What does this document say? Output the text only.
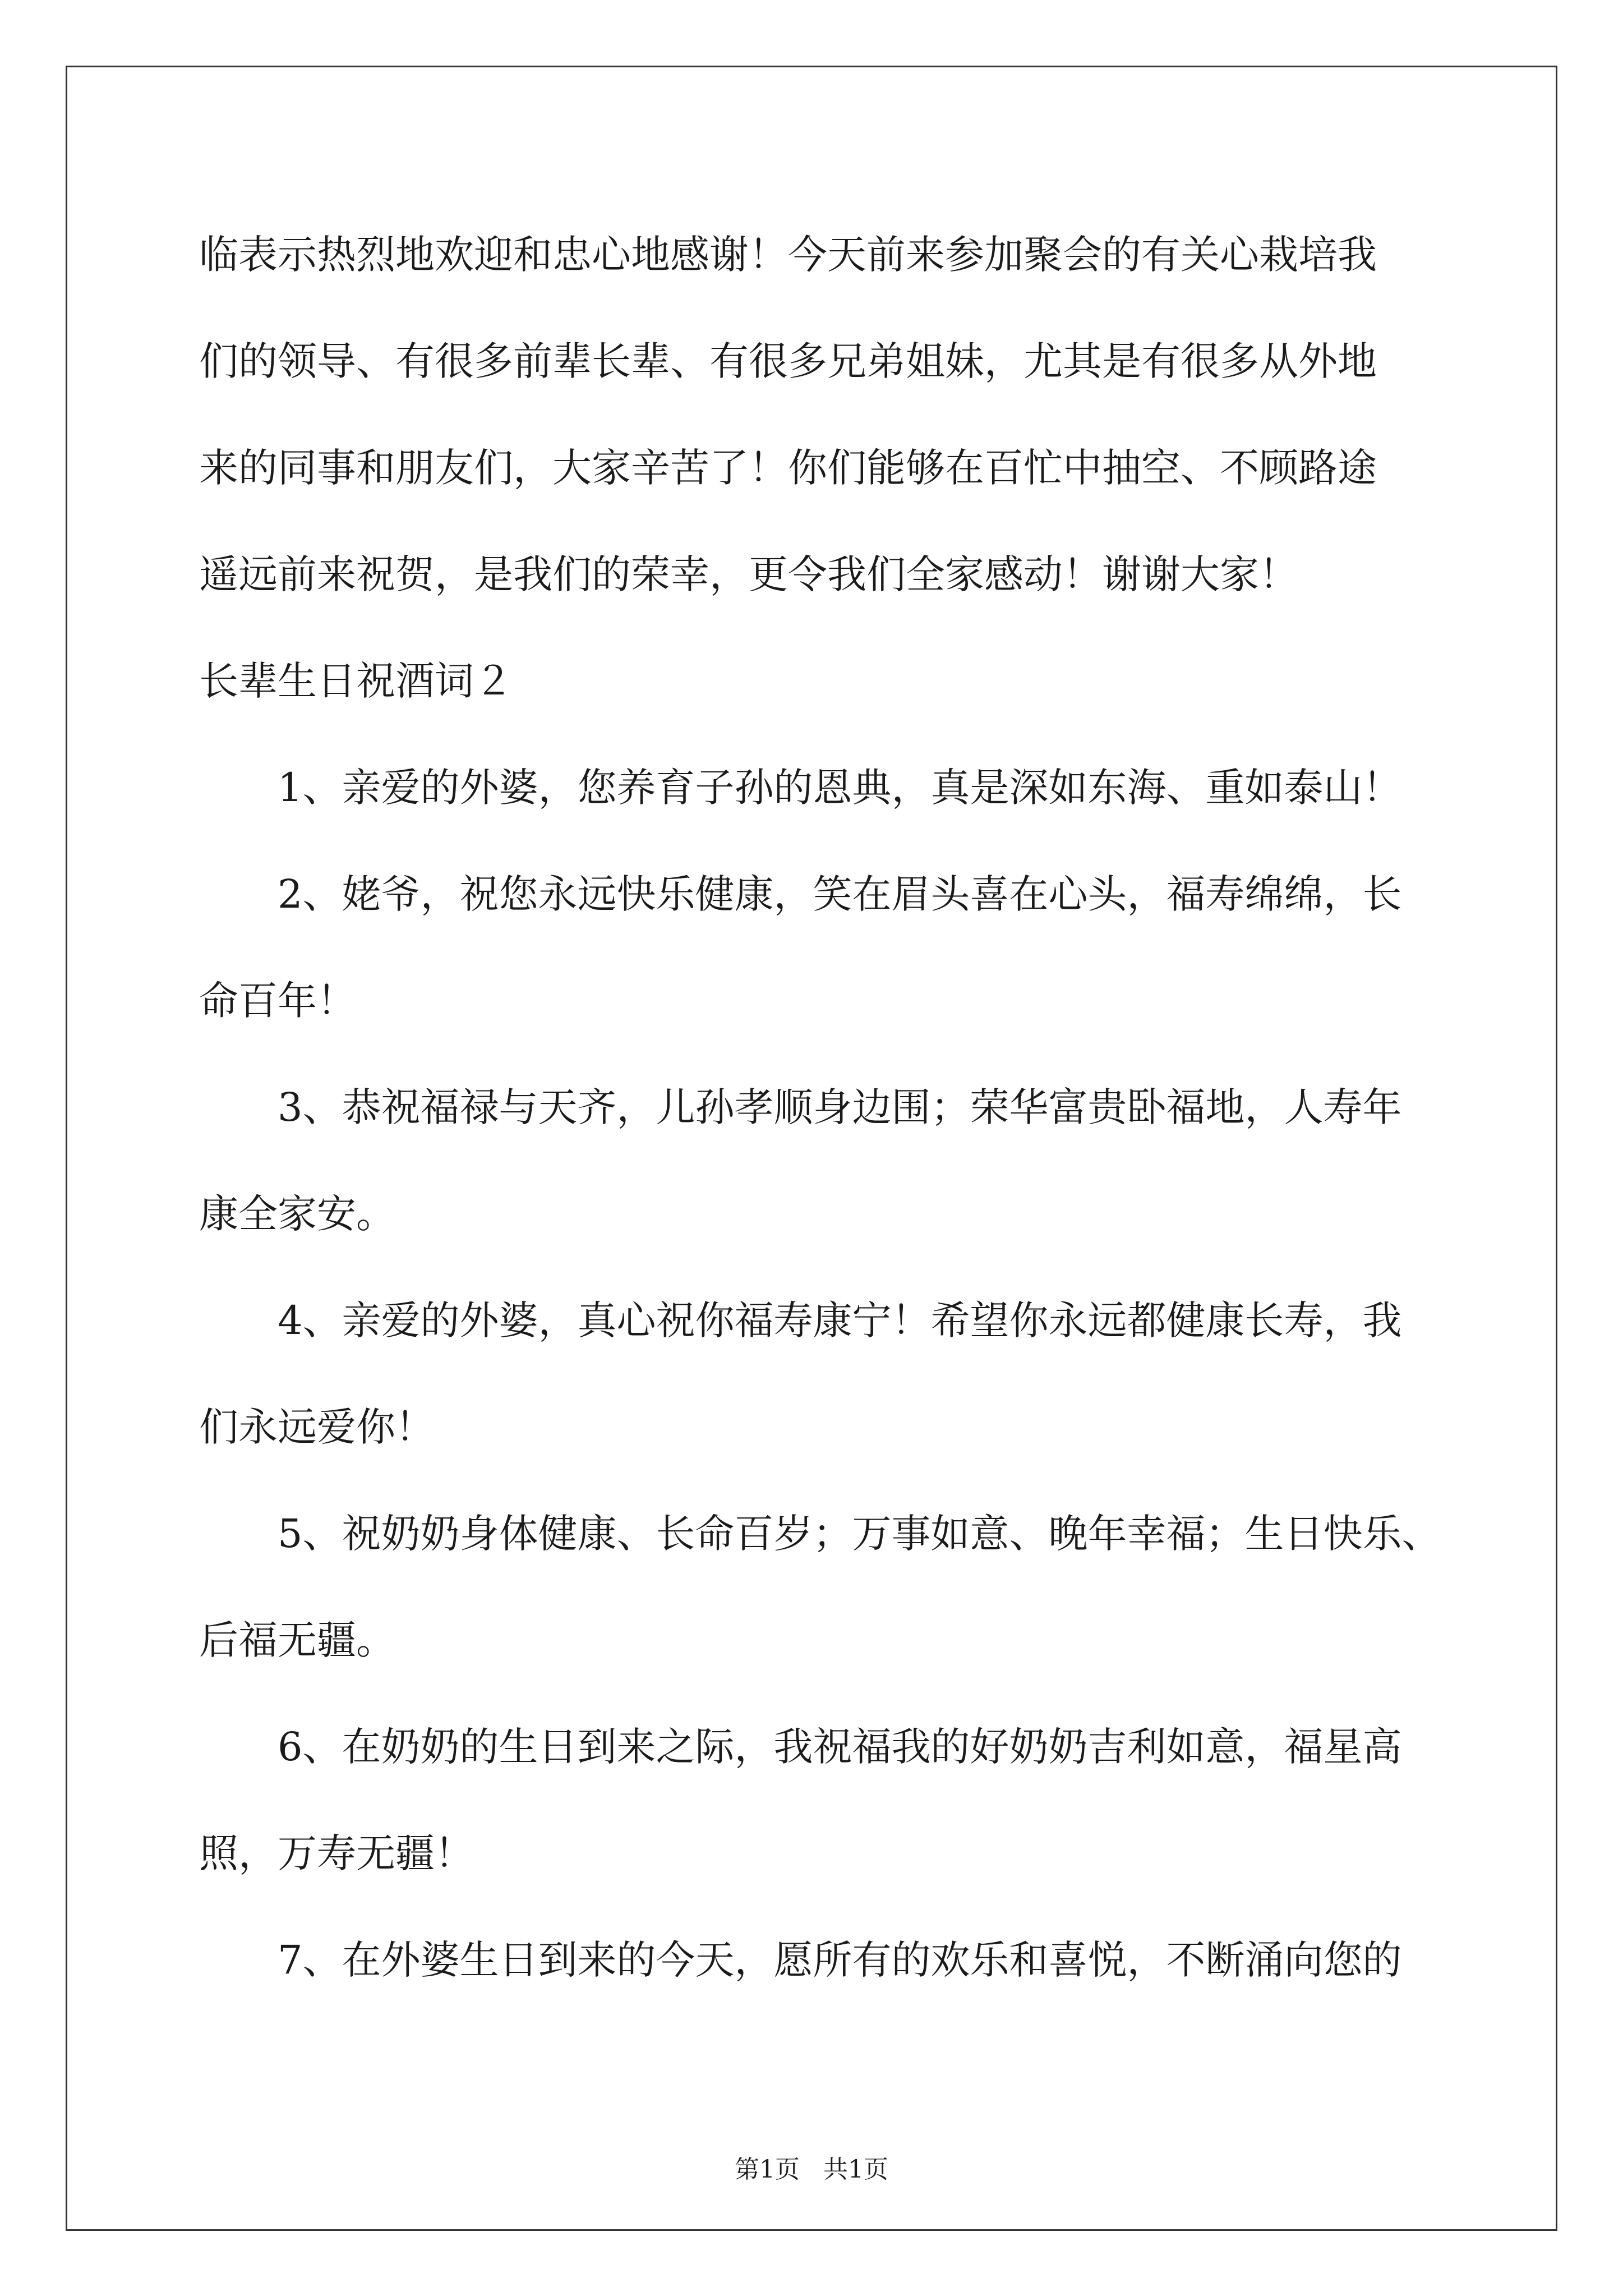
临表示热烈地欢迎和忠心地感谢！今天前来参加聚会的有关心栽培我
们的领导、有很多前辈长辈、有很多兄弟姐妹，尤其是有很多从外地
来的同事和朋友们，大家辛苦了！你们能够在百忙中抽空、不顾路途
遥远前来祝贺，是我们的荣幸，更令我们全家感动！谢谢大家！
长辈生日祝酒词２
1、亲爱的外婆，您养育子孙的恩典，真是深如东海、重如泰山！
2、姥爷，祝您永远快乐健康，笑在眉头喜在心头，福寿绵绵，长
命百年！
3、恭祝福禄与天齐，儿孙孝顺身边围；荣华富贵卧福地，人寿年
康全家安。
4、亲爱的外婆，真心祝你福寿康宁！希望你永远都健康长寿，我
们永远爱你！
5、祝奶奶身体健康、长命百岁；万事如意、晚年幸福；生日快乐、
后福无疆。
6、在奶奶的生日到来之际，我祝福我的好奶奶吉利如意，福星高
照，万寿无疆！
7、在外婆生日到来的今天，愿所有的欢乐和喜悦，不断涌向您的
第1页   共1页
